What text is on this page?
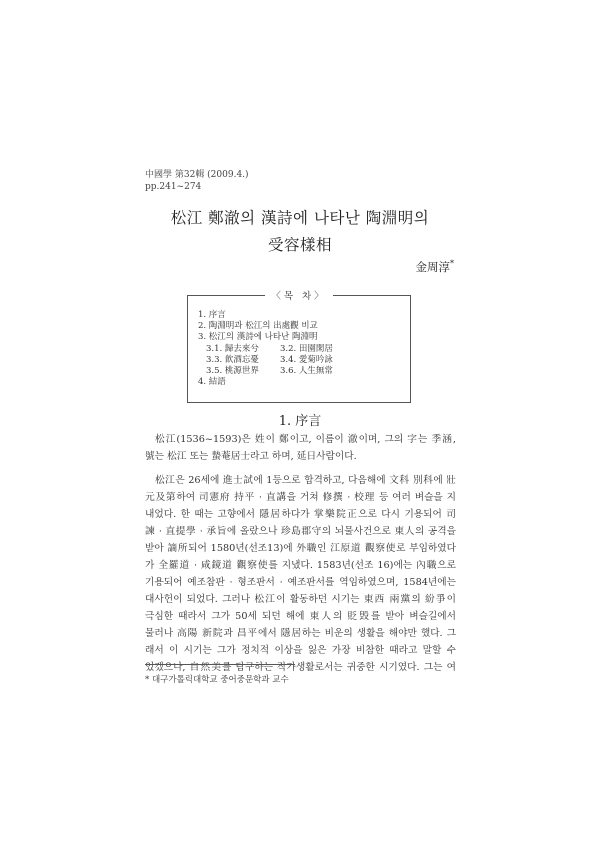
中國學 第32輯 (2009.4.)
pp.241~274
松江 鄭澈의 漢詩에 나타난 陶淵明의
受容樣相
金周淳*
〈목 차〉
1. 序言
2. 陶淵明과 松江의 出處觀 비교
3. 松江의 漢詩에 나타난 陶淵明
3.1. 歸去來兮 3.2. 田園閑居
3.3. 飮酒忘憂 3.4. 愛菊吟詠
3.5. 桃源世界 3.6. 人生無常
4. 結語
1. 序言

松江(1536~1593)은 姓이 鄭이고, 이름이 澈이며, 그의 字는 季涵,
號는 松江 또는 蟄菴居士라고 하며, 延日사람이다.

松江은 26세에 進士試에 1등으로 합격하고, 다음해에 文科 別科에 壯
元及第하여 司憲府 持平 · 直講을 거쳐 修撰 · 校理 등 여러 벼슬을 지
내었다. 한 때는 고향에서 隱居하다가 掌樂院正으로 다시 기용되어 司
諫 · 直提學 · 承旨에 올랐으나 珍島郡守의 뇌물사건으로 東人의 공격을
받아 謫所되어 1580년(선조13)에 外職인 江原道 觀察使로 부임하였다
가 全羅道 · 咸鏡道 觀察使를 지냈다. 1583년(선조 16)에는 內職으로
기용되어 예조참판 · 형조판서 · 예조판서를 역임하였으며, 1584년에는
대사헌이 되었다. 그러나 松江이 활동하던 시기는 東西 兩黨의 紛爭이
극심한 때라서 그가 50세 되던 해에 東人의 貶毁를 받아 벼슬길에서
물러나 高陽 新院과 昌平에서 隱居하는 비운의 생활을 해야만 했다. 그
래서 이 시기는 그가 정치적 이상을 잃은 가장 비참한 때라고 말할 수
있겠으나, 自然美를 탐구하는 작가생활로서는 귀중한 시기였다. 그는 여

* 대구가톨릭대학교 중어중문학과 교수
